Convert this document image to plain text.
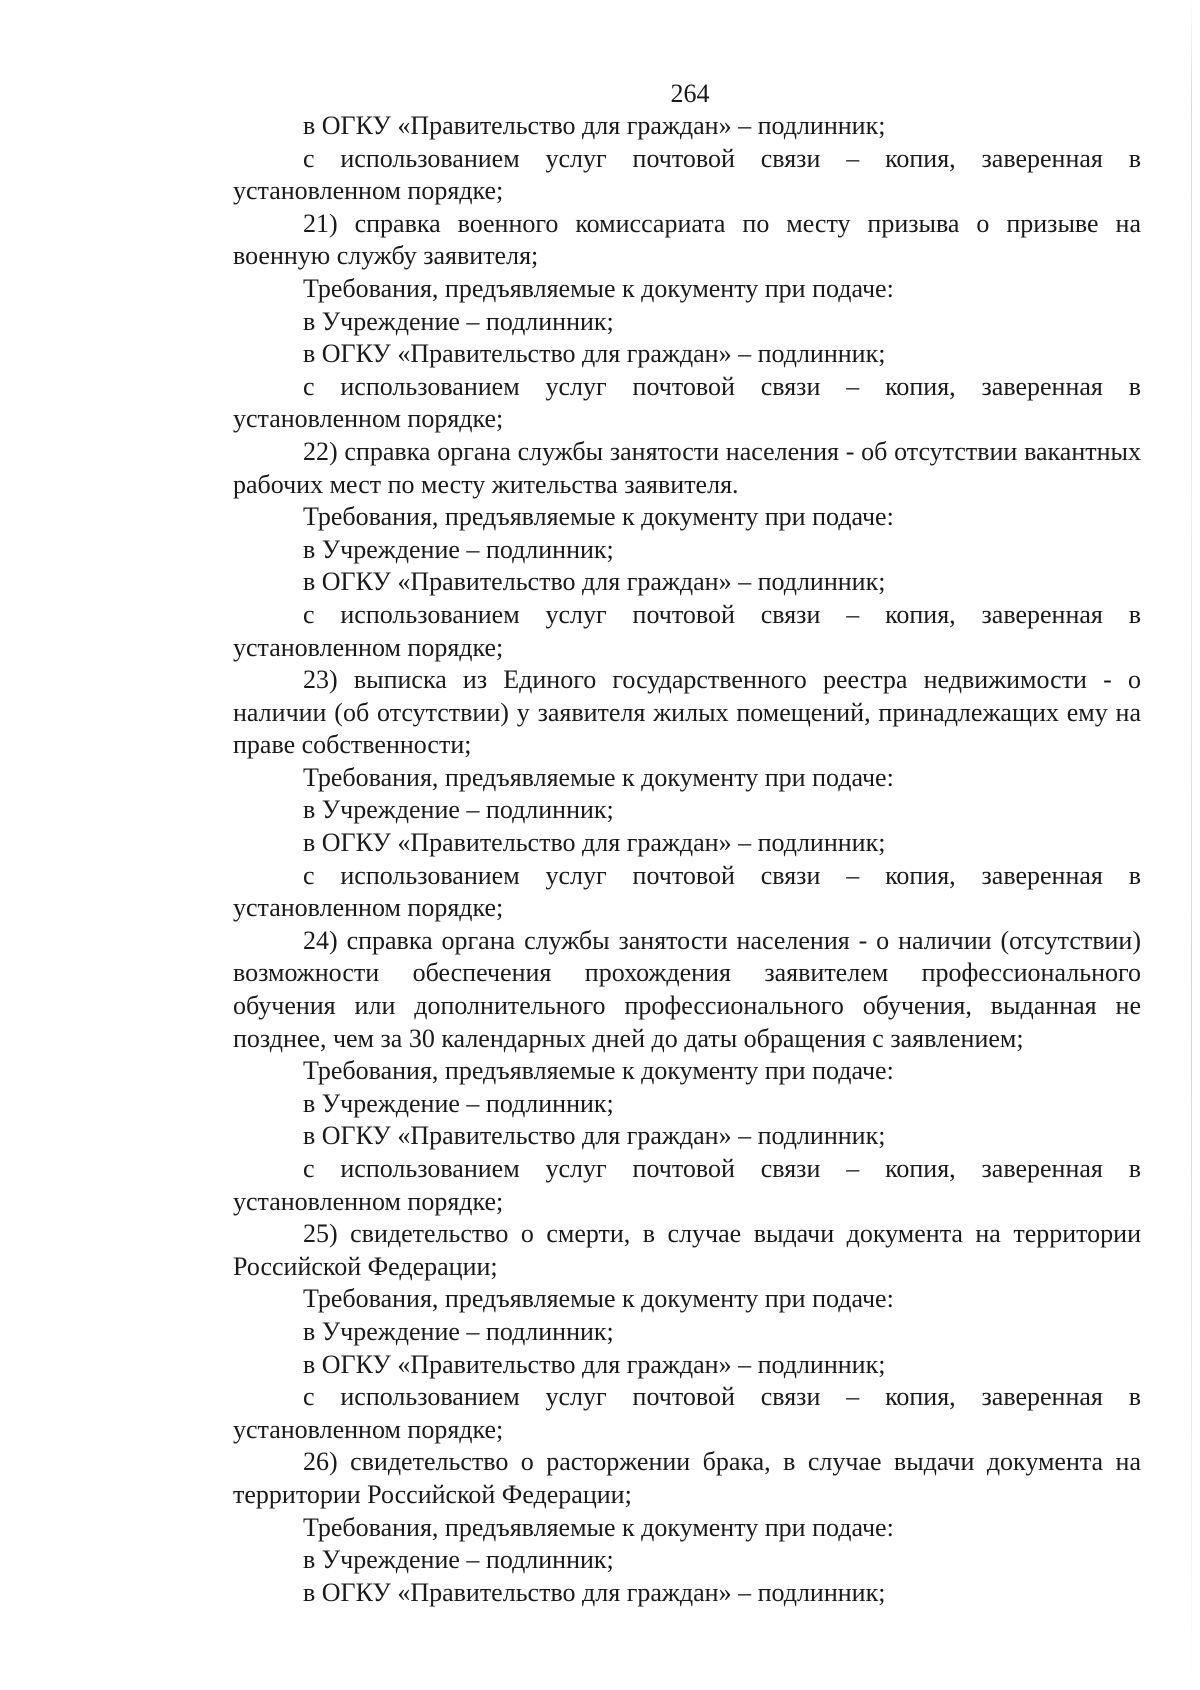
264

в ОГКУ «Правительство для граждан» – подлинник;

с использованием услуг почтовой связи – копия, заверенная в установленном порядке;

21) справка военного комиссариата по месту призыва о призыве на военную службу заявителя;

Требования, предъявляемые к документу при подаче:

в Учреждение – подлинник;

в ОГКУ «Правительство для граждан» – подлинник;

с использованием услуг почтовой связи – копия, заверенная в установленном порядке;

22) справка органа службы занятости населения - об отсутствии вакантных рабочих мест по месту жительства заявителя.

Требования, предъявляемые к документу при подаче:

в Учреждение – подлинник;

в ОГКУ «Правительство для граждан» – подлинник;

с использованием услуг почтовой связи – копия, заверенная в установленном порядке;

23) выписка из Единого государственного реестра недвижимости - о наличии (об отсутствии) у заявителя жилых помещений, принадлежащих ему на праве собственности;

Требования, предъявляемые к документу при подаче:

в Учреждение – подлинник;

в ОГКУ «Правительство для граждан» – подлинник;

с использованием услуг почтовой связи – копия, заверенная в установленном порядке;

24) справка органа службы занятости населения - о наличии (отсутствии) возможности обеспечения прохождения заявителем профессионального обучения или дополнительного профессионального обучения, выданная не позднее, чем за 30 календарных дней до даты обращения с заявлением;

Требования, предъявляемые к документу при подаче:

в Учреждение – подлинник;

в ОГКУ «Правительство для граждан» – подлинник;

с использованием услуг почтовой связи – копия, заверенная в установленном порядке;

25) свидетельство о смерти, в случае выдачи документа на территории Российской Федерации;

Требования, предъявляемые к документу при подаче:

в Учреждение – подлинник;

в ОГКУ «Правительство для граждан» – подлинник;

с использованием услуг почтовой связи – копия, заверенная в установленном порядке;

26) свидетельство о расторжении брака, в случае выдачи документа на территории Российской Федерации;

Требования, предъявляемые к документу при подаче:

в Учреждение – подлинник;

в ОГКУ «Правительство для граждан» – подлинник;
